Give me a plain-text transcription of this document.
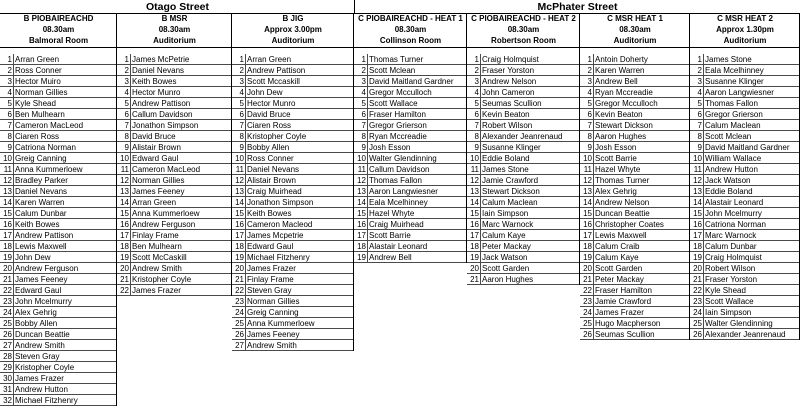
Otago Street	McPhater Street
B PIOBAIREACHD
08.30am
Balmoral Room
1 Arran Green
2 Ross Conner
3 Hector Muiro
4 Norman Gillies
5 Kyle Shead
6 Ben Mulhearn
7 Cameron MacLeod
8 Ciaren Ross
9 Catriona Norman
10 Greig Canning
11 Anna Kummerloew
12 Bradley Parker
13 Daniel Nevans
14 Karen Warren
15 Calum Dunbar
16 Keith Bowes
17 Andrew Pattison
18 Lewis Maxwell
19 John Dew
20 Andrew Ferguson
21 James Feeney
22 Edward Gaul
23 John Mcelmurry
24 Alex Gehrig
25 Bobby Allen
26 Duncan Beattie
27 Andrew Smith
28 Steven Gray
29 Kristopher Coyle
30 James Frazer
31 Andrew Hutton
32 Michael Fitzhenry
B MSR
08.30am
Auditorium
1 James McPetrie
2 Daniel Nevans
3 Keith Bowes
4 Hector Munro
5 Andrew Pattison
6 Callum Davidson
7 Jonathon Simpson
8 David Bruce
9 Alistair Brown
10 Edward Gaul
11 Cameron MacLeod
12 Norman Gillies
13 James Feeney
14 Arran Green
15 Anna Kummerloew
16 Andrew Ferguson
17 Finlay Frame
18 Ben Mulhearn
19 Scott McCaskill
20 Andrew Smith
21 Kristopher Coyle
22 James Frazer
B JIG
Approx 3.00pm
Auditorium
1 Arran Green
2 Andrew Pattison
3 Scott Mccaskill
4 John Dew
5 Hector Munro
6 David Bruce
7 Ciaren Ross
8 Kristopher Coyle
9 Bobby Allen
10 Ross Conner
11 Daniel Nevans
12 Alistair Brown
13 Craig Muirhead
14 Jonathon Simpson
15 Keith Bowes
16 Cameron Macleod
17 James Mcpetrie
18 Edward Gaul
19 Michael Fitzhenry
20 James Frazer
21 Finlay Frame
22 Steven Gray
23 Norman Gillies
24 Greig Canning
25 Anna Kummerloew
26 James Feeney
27 Andrew Smith
C PIOBAIREACHD - HEAT 1
08.30am
Collinson Room
1 Thomas Turner
2 Scott Mclean
3 David Maitland Gardner
4 Gregor Mcculloch
5 Scott Wallace
6 Fraser Hamilton
7 Gregor Grierson
8 Ryan Mccreadie
9 Josh Esson
10 Walter Glendinning
11 Callum Davidson
12 Thomas Fallon
13 Aaron Langwiesner
14 Eala Mcelhinney
15 Hazel Whyte
16 Craig Muirhead
17 Scott Barrie
18 Alastair Leonard
19 Andrew Bell
C PIOBAIREACHD - HEAT 2
08.30am
Robertson Room
1 Craig Holmquist
2 Fraser Yorston
3 Andrew Nelson
4 John Cameron
5 Seumas Scullion
6 Kevin Beaton
7 Robert Wilson
8 Alexander Jeanrenaud
9 Susanne Klinger
10 Eddie Boland
11 James Stone
12 Jamie Crawford
13 Stewart Dickson
14 Calum Maclean
15 Iain Simpson
16 Marc Warnock
17 Calum Kaye
18 Peter Mackay
19 Jack Watson
20 Scott Garden
21 Aaron Hughes
C MSR HEAT 1
08.30am
Auditorium
1 Antoin Doherty
2 Karen Warren
3 Andrew Bell
4 Ryan Mccreadie
5 Gregor Mcculloch
6 Kevin Beaton
7 Stewart Dickson
8 Aaron Hughes
9 Josh Esson
10 Scott Barrie
11 Hazel Whyte
12 Thomas Turner
13 Alex Gehrig
14 Andrew Nelson
15 Duncan Beattie
16 Christopher Coates
17 Lewis Maxwell
18 Calum Craib
19 Calum Kaye
20 Scott Garden
21 Peter Mackay
22 Fraser Hamilton
23 Jamie Crawford
24 James Frazer
25 Hugo Macpherson
26 Seumas Scullion
C MSR HEAT 2
Approx 1.30pm
Auditorium
1 James Stone
2 Eala Mcelhinney
3 Susanne Klinger
4 Aaron Langwiesner
5 Thomas Fallon
6 Gregor Grierson
7 Calum Maclean
8 Scott Mclean
9 David Maitland Gardner
10 William Wallace
11 Andrew Hutton
12 Jack Watson
13 Eddie Boland
14 Alastair Leonard
15 John Mcelmurry
16 Catriona Norman
17 Marc Warnock
18 Calum Dunbar
19 Craig Holmquist
20 Robert Wilson
21 Fraser Yorston
22 Kyle Shead
23 Scott Wallace
24 Iain Simpson
25 Walter Glendinning
26 Alexander Jeanrenaud
